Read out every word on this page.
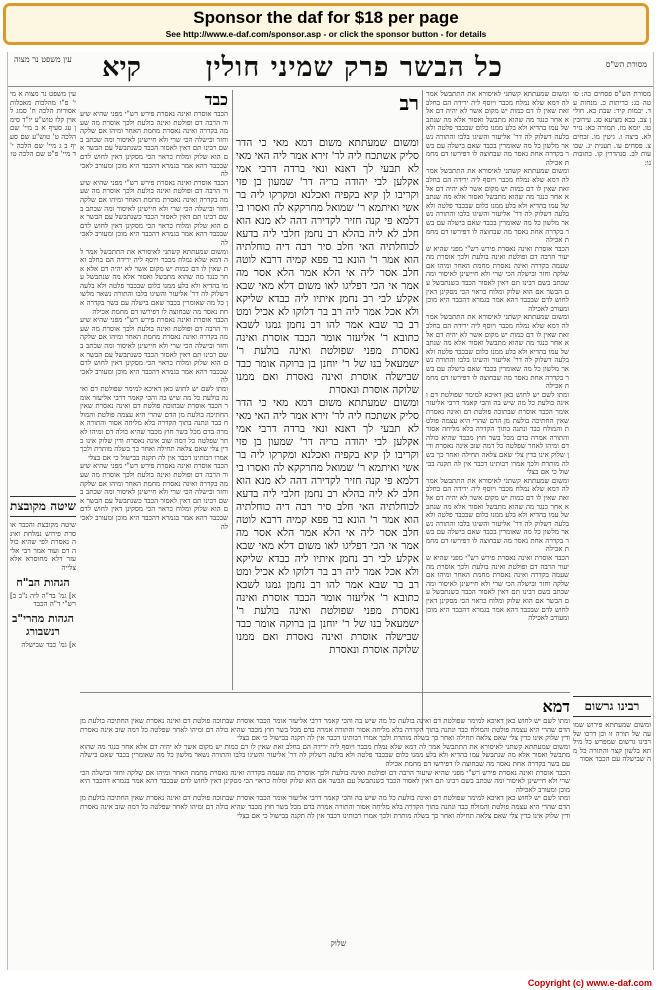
Sponsor the daf for $18 per page
See http://www.e-daf.com/sponsor.asp - or click the sponsor button - for details
מסורת הש"ס
כל הבשר פרק שמיני חולין
קיא
עין משפט נר מצוה
מסורת הש"ס פסחים כה: סוטה כג: כריתות כ. מנחות עד. יבמות קיד: שבת כא. חולין צב. בבא מציעא סג. עירובין טו. יומא מז. תמורה כא: נזיר לא. ביצה ז. גיטין מו. זבחים צ. פסחים עו. תענית יג. שבועות לב. סנהדרין קו. כתובות נו:
רבינו גרשום
ומשום שמעתתא פירוש שמועה של תורה זו וכן דרכו של רבינו גרשום שמפרש כל מילתא בלשון קצר והתורה כל מה שבישלה עם הכבד אסור
ומשום שמעתתא קשתני לאיסורא את התתבשל אמר לה דמא שלא נמלח מכבר ויוסף ליה ירידה הם בחלב זאת שאין לו דם כמות יש מקום אשר לא יהיה דם אלא אחר כנגד מה שהוא מתבשל ואסור אלא מה שנתבשל עמו בהדיא ולא בלע ממנו כלום שבכבד פלטה ולא בלעה דשלוק לה דר' אליעזר והשיגו בלבו והתורה נשאר מלשון כל מה שאומרין בכבד שאם בישלה עם בשר בקדרה אחת נאסר מה שבחוצה לו דפירשו דם מחמת אכילה
ומשום שמעתתא קשתני לאיסורא את התתבשל אמר לה דמא שלא נמלח מכבר ויוסף ליה ירידה הם בחלב זאת שאין לו דם כמות יש מקום אשר לא יהיה דם אלא אחר כנגד מה שהוא מתבשל ואסור אלא מה שנתבשל עמו בהדיא ולא בלע ממנו כלום שבכבד פלטה ולא בלעה דשלוק לה דר' אליעזר והשיגו בלבו והתורה נשאר מלשון כל מה שאומרין בכבד שאם בישלה עם בשר בקדרה אחת נאסר מה שבחוצה לו דפירשו דם מחמת אכילה
הכבד אוסרת ואינה נאסרת פירש רש"י מפני שהיא שיעור הרבה דם ופולטת ואינה בולעת ולכך אוסרת מה שעמה בקדרה ואינה נאסרת מחמת האחר ומיהו אם שלקה וחזר ובישלה הכי שרי ולא חיישינן לאיסור ומה שכתב בשם רבינו תם דאין לאסור הכבד כשנתבשל עם הבשר אם הוא שלוק ומלוח כראוי הכי מסקינן דאין לחוש לדם שבכבד דהא אמר בגמרא דהכבד היא מוכן ומעורב לאכילה
ומשום שמעתתא קשתני לאיסורא את התתבשל אמר לה דמא שלא נמלח מכבר ויוסף ליה ירידה הם בחלב זאת שאין לו דם כמות יש מקום אשר לא יהיה דם אלא אחר כנגד מה שהוא מתבשל ואסור אלא מה שנתבשל עמו בהדיא ולא בלע ממנו כלום שבכבד פלטה ולא בלעה דשלוק לה דר' אליעזר והשיגו בלבו והתורה נשאר מלשון כל מה שאומרין בכבד שאם בישלה עם בשר בקדרה אחת נאסר מה שבחוצה לו דפירשו דם מחמת אכילה
ומתו לשם יש לחוש כאן דאיכא למימר שפולטת דם ואינה בולעת כל מה שיש בה והכי קאמר דרבי אליעזר אומר הכבד אוסרת שבתוכה פולטת דם ואינה נאסרת שאין החתיכה בולעת מן הדם שהרי היא עצמה פולטת והמולח כבד ונתנה בתוך הקדרה בלא מליחה אסור והתורה אמרה בדם מכל בשר חוץ מכבד שהיא כולה דם ומיהו לאחר שפלטה כל דמה שוב אינה נאסרת ודין שלוק אינו כדין צלי שאם צלאה תחילה ואחר כך בשלה מותרת ולכך אמרו רבותינו דכבד אין לה תקנה בבישול כי אם בצלי
ומשום שמעתתא קשתני לאיסורא את התתבשל אמר לה דמא שלא נמלח מכבר ויוסף ליה ירידה הם בחלב זאת שאין לו דם כמות יש מקום אשר לא יהיה דם אלא אחר כנגד מה שהוא מתבשל ואסור אלא מה שנתבשל עמו בהדיא ולא בלע ממנו כלום שבכבד פלטה ולא בלעה דשלוק לה דר' אליעזר והשיגו בלבו והתורה נשאר מלשון כל מה שאומרין בכבד שאם בישלה עם בשר בקדרה אחת נאסר מה שבחוצה לו דפירשו דם מחמת אכילה
הכבד אוסרת ואינה נאסרת פירש רש"י מפני שהיא שיעור הרבה דם ופולטת ואינה בולעת ולכך אוסרת מה שעמה בקדרה ואינה נאסרת מחמת האחר ומיהו אם שלקה וחזר ובישלה הכי שרי ולא חיישינן לאיסור ומה שכתב בשם רבינו תם דאין לאסור הכבד כשנתבשל עם הבשר אם הוא שלוק ומלוח כראוי הכי מסקינן דאין לחוש לדם שבכבד דהא אמר בגמרא דהכבד היא מוכן ומעורב לאכילה
ומשום שמעתתא משום דמא מאי כי הדר סליק אשתכח ליה לר' זירא אמר ליה האי מאי לא תבעי לך דאנא ונאי ברדה דרבי אמי אקלען לבי יהודה בריה דר' שמעון בן פזי וקריבו לן קיא בקפיה ואכלנא ומקרקו ליה בר אשי ואיתמא ר' שמואל מחרקקא לה ואסרו בי דלמא פי קנה חזיר לקדירה דהה לא מנא הוא חלב לא ליה בהלא רב נחמן חלבי ליה בדעא לכוחלתיה האי חלב סיר רבה דיה כוחלתיה הוא אמר ר' הונא בר פפא קמיה דרבא לוטה חלב אסר ליה אי הלא אמר הלא אסר מה אמר אי הכי דפליגו לאו משום דלא מאי שבא אקלע לבי רב נחמן איתיו ליה כבדא שליקא ולא אכל אמר ליה רב בר דלוקו לא אכיל ומט רב בר שבא אמר להו רב נחמן גמגו לשבא כתובא ר' אליעזר אומר הכבד אוסרת ואינה נאסרת מפני שפולטת ואינה בולעת ר' ישמעאל בנו של ר' יוחנן בן ברוקה אומר כבד שבישלה אוסרת ואינה נאסרת ואם ממנו שלוקה אוסרת ונאסרת
ומשום שמעתתא משום דמא מאי כי הדר סליק אשתכח ליה לר' זירא אמר ליה האי מאי לא תבעי לך דאנא ונאי ברדה דרבי אמי אקלען לבי יהודה בריה דר' שמעון בן פזי וקריבו לן קיא בקפיה ואכלנא ומקרקו ליה בר אשי ואיתמא ר' שמואל מחרקקא לה ואסרו בי דלמא פי קנה חזיר לקדירה דהה לא מנא הוא חלב לא ליה בהלא רב נחמן חלבי ליה בדעא לכוחלתיה האי חלב סיר רבה דיה כוחלתיה הוא אמר ר' הונא בר פפא קמיה דרבא לוטה חלב אסר ליה אי הלא אמר הלא אסר מה אמר אי הכי דפליגו לאו משום דלא מאי שבא אקלע לבי רב נחמן איתיו ליה כבדא שליקא ולא אכל אמר ליה רב בר דלוקו לא אכיל ומט רב בר שבא אמר להו רב נחמן גמגו לשבא כתובא ר' אליעזר אומר הכבד אוסרת ואינה נאסרת מפני שפולטת ואינה בולעת ר' ישמעאל בנו של ר' יוחנן בן ברוקה אומר כבד שבישלה אוסרת ואינה נאסרת ואם ממנו שלוקה אוסרת ונאסרת
רב
כבד
הכבד אוסרת ואינה נאסרת פירש רש"י מפני שהיא שיעור הרבה דם ופולטת ואינה בולעת ולכך אוסרת מה שעמה בקדרה ואינה נאסרת מחמת האחר ומיהו אם שלקה וחזר ובישלה הכי שרי ולא חיישינן לאיסור ומה שכתב בשם רבינו תם דאין לאסור הכבד כשנתבשל עם הבשר אם הוא שלוק ומלוח כראוי הכי מסקינן דאין לחוש לדם שבכבד דהא אמר בגמרא דהכבד היא מוכן ומעורב לאכילה
הכבד אוסרת ואינה נאסרת פירש רש"י מפני שהיא שיעור הרבה דם ופולטת ואינה בולעת ולכך אוסרת מה שעמה בקדרה ואינה נאסרת מחמת האחר ומיהו אם שלקה וחזר ובישלה הכי שרי ולא חיישינן לאיסור ומה שכתב בשם רבינו תם דאין לאסור הכבד כשנתבשל עם הבשר אם הוא שלוק ומלוח כראוי הכי מסקינן דאין לחוש לדם שבכבד דהא אמר בגמרא דהכבד היא מוכן ומעורב לאכילה
ומשום שמעתתא קשתני לאיסורא את התתבשל אמר לה דמא שלא נמלח מכבר ויוסף ליה ירידה הם בחלב זאת שאין לו דם כמות יש מקום אשר לא יהיה דם אלא אחר כנגד מה שהוא מתבשל ואסור אלא מה שנתבשל עמו בהדיא ולא בלע ממנו כלום שבכבד פלטה ולא בלעה דשלוק לה דר' אליעזר והשיגו בלבו והתורה נשאר מלשון כל מה שאומרין בכבד שאם בישלה עם בשר בקדרה אחת נאסר מה שבחוצה לו דפירשו דם מחמת אכילה
הכבד אוסרת ואינה נאסרת פירש רש"י מפני שהיא שיעור הרבה דם ופולטת ואינה בולעת ולכך אוסרת מה שעמה בקדרה ואינה נאסרת מחמת האחר ומיהו אם שלקה וחזר ובישלה הכי שרי ולא חיישינן לאיסור ומה שכתב בשם רבינו תם דאין לאסור הכבד כשנתבשל עם הבשר אם הוא שלוק ומלוח כראוי הכי מסקינן דאין לחוש לדם שבכבד דהא אמר בגמרא דהכבד היא מוכן ומעורב לאכילה
ומתו לשם יש לחוש כאן דאיכא למימר שפולטת דם ואינה בולעת כל מה שיש בה והכי קאמר דרבי אליעזר אומר הכבד אוסרת שבתוכה פולטת דם ואינה נאסרת שאין החתיכה בולעת מן הדם שהרי היא עצמה פולטת והמולח כבד ונתנה בתוך הקדרה בלא מליחה אסור והתורה אמרה בדם מכל בשר חוץ מכבד שהיא כולה דם ומיהו לאחר שפלטה כל דמה שוב אינה נאסרת ודין שלוק אינו כדין צלי שאם צלאה תחילה ואחר כך בשלה מותרת ולכך אמרו רבותינו דכבד אין לה תקנה בבישול כי אם בצלי
הכבד אוסרת ואינה נאסרת פירש רש"י מפני שהיא שיעור הרבה דם ופולטת ואינה בולעת ולכך אוסרת מה שעמה בקדרה ואינה נאסרת מחמת האחר ומיהו אם שלקה וחזר ובישלה הכי שרי ולא חיישינן לאיסור ומה שכתב בשם רבינו תם דאין לאסור הכבד כשנתבשל עם הבשר אם הוא שלוק ומלוח כראוי הכי מסקינן דאין לחוש לדם שבכבד דהא אמר בגמרא דהכבד היא מוכן ומעורב לאכילה
עין משפט נר מצוה א מיי' פ"ו מהלכות מאכלות אסורות הלכה ח' סמג לאוין קלז טוש"ע יו"ד סימן עג סעיף א ב מיי' שם הלכה ט' טוש"ע שם סעיף ב ג מיי' שם הלכה י' ד מיי' פ"ט שם הלכה טו
שיטה מקובצת
שיטה מקובצת והכבד אוסרת פירוש נמלחת ואינה נאסרת לפי שהיא כולה דם ועוד אמר רבי אליעזר דלא מחוסרא אלא צלייה
הגהות הב"ח
א] גמ' בד"ה ליה נ"ב ב] רש"י ד"ה הכבד
הגהות מהרי"ב רנשבורג
א] גמ' כבד שבישלה
דמא
ומתו לשם יש לחוש כאן דאיכא למימר שפולטת דם ואינה בולעת כל מה שיש בה והכי קאמר דרבי אליעזר אומר הכבד אוסרת שבתוכה פולטת דם ואינה נאסרת שאין החתיכה בולעת מן הדם שהרי היא עצמה פולטת והמולח כבד ונתנה בתוך הקדרה בלא מליחה אסור והתורה אמרה בדם מכל בשר חוץ מכבד שהיא כולה דם ומיהו לאחר שפלטה כל דמה שוב אינה נאסרת ודין שלוק אינו כדין צלי שאם צלאה תחילה ואחר כך בשלה מותרת ולכך אמרו רבותינו דכבד אין לה תקנה בבישול כי אם בצלי
ומשום שמעתתא קשתני לאיסורא את התתבשל אמר לה דמא שלא נמלח מכבר ויוסף ליה ירידה הם בחלב זאת שאין לו דם כמות יש מקום אשר לא יהיה דם אלא אחר כנגד מה שהוא מתבשל ואסור אלא מה שנתבשל עמו בהדיא ולא בלע ממנו כלום שבכבד פלטה ולא בלעה דשלוק לה דר' אליעזר והשיגו בלבו והתורה נשאר מלשון כל מה שאומרין בכבד שאם בישלה עם בשר בקדרה אחת נאסר מה שבחוצה לו דפירשו דם מחמת אכילה
הכבד אוסרת ואינה נאסרת פירש רש"י מפני שהיא שיעור הרבה דם ופולטת ואינה בולעת ולכך אוסרת מה שעמה בקדרה ואינה נאסרת מחמת האחר ומיהו אם שלקה וחזר ובישלה הכי שרי ולא חיישינן לאיסור ומה שכתב בשם רבינו תם דאין לאסור הכבד כשנתבשל עם הבשר אם הוא שלוק ומלוח כראוי הכי מסקינן דאין לחוש לדם שבכבד דהא אמר בגמרא דהכבד היא מוכן ומעורב לאכילה
ומתו לשם יש לחוש כאן דאיכא למימר שפולטת דם ואינה בולעת כל מה שיש בה והכי קאמר דרבי אליעזר אומר הכבד אוסרת שבתוכה פולטת דם ואינה נאסרת שאין החתיכה בולעת מן הדם שהרי היא עצמה פולטת והמולח כבד ונתנה בתוך הקדרה בלא מליחה אסור והתורה אמרה בדם מכל בשר חוץ מכבד שהיא כולה דם ומיהו לאחר שפלטה כל דמה שוב אינה נאסרת ודין שלוק אינו כדין צלי שאם צלאה תחילה ואחר כך בשלה מותרת ולכך אמרו רבותינו דכבד אין לה תקנה בבישול כי אם בצלי
שלוק
Copyright (c) www.e-daf.com
